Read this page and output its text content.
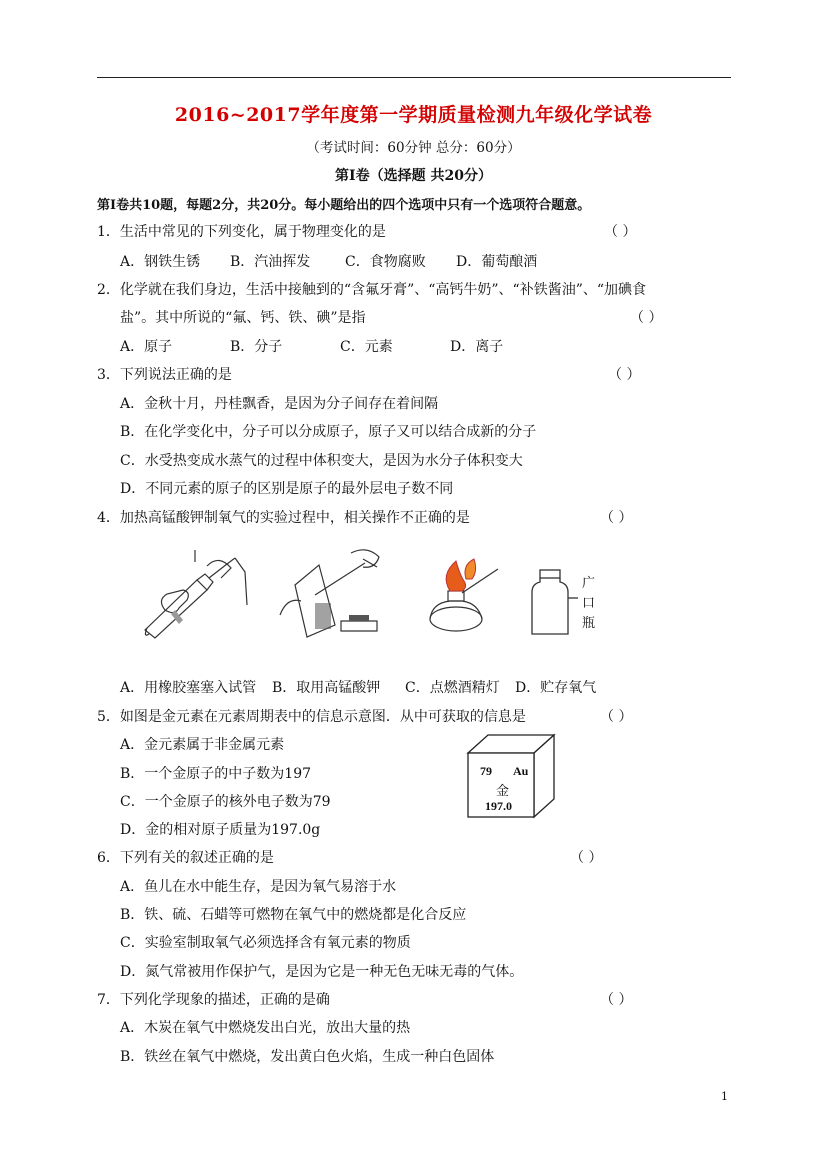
2016~2017学年度第一学期质量检测九年级化学试卷
（考试时间：60分钟 总分：60分）
第Ⅰ卷（选择题 共20分）
第Ⅰ卷共10题，每题2分，共20分。每小题给出的四个选项中只有一个选项符合题意。
1．生活中常见的下列变化，属于物理变化的是	（ ）
A．钢铁生锈 B．汽油挥发 C．食物腐败 D．葡萄酿酒
2．化学就在我们身边，生活中接触到的“含氟牙膏”、“高钙牛奶”、“补铁酱油”、“加碘食
盐”。其中所说的“氟、钙、铁、碘”是指	（ ）
A．原子	B．分子	C．元素	D．离子
3．下列说法正确的是	（ ）
A．金秋十月，丹桂飘香，是因为分子间存在着间隔
B．在化学变化中，分子可以分成原子，原子又可以结合成新的分子
C．水受热变成水蒸气的过程中体积变大，是因为水分子体积变大
D．不同元素的原子的区别是原子的最外层电子数不同
4．加热高锰酸钾制氧气的实验过程中，相关操作不正确的是	（ ）
广
口
瓶
A．用橡胶塞塞入试管 B．取用高锰酸钾 C．点燃酒精灯 D．贮存氧气
5．如图是金元素在元素周期表中的信息示意图．从中可获取的信息是	（ ）
A．金元素属于非金属元素
B．一个金原子的中子数为197
C．一个金原子的核外电子数为79
D．金的相对原子质量为197.0g
79 Au
金
197.0
6．下列有关的叙述正确的是	（ ）
A．鱼儿在水中能生存，是因为氧气易溶于水
B．铁、硫、石蜡等可燃物在氧气中的燃烧都是化合反应
C．实验室制取氧气必须选择含有氧元素的物质
D．氮气常被用作保护气，是因为它是一种无色无味无毒的气体。
7．下列化学现象的描述，正确的是确	（ ）
A．木炭在氧气中燃烧发出白光，放出大量的热
B．铁丝在氧气中燃烧，发出黄白色火焰，生成一种白色固体
1
